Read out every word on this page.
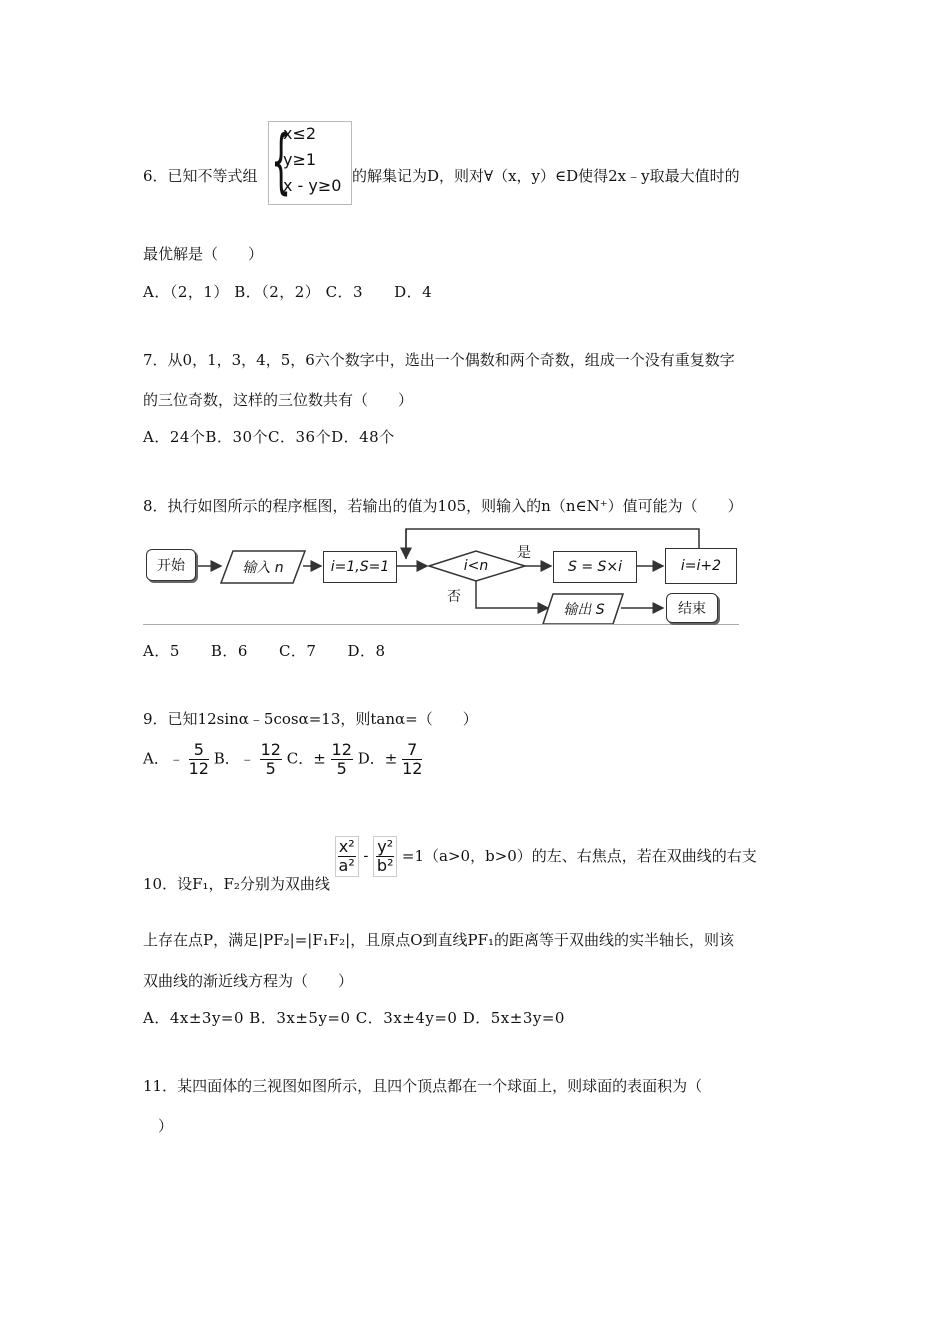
6．已知不等式组 {
x≤2
y≥1
x - y≥0 的解集记为D，则对∀（x，y）∈D使得2x﹣y取最大值时的
最优解是（　　）
A．（2，1） B．（2，2） C．3　　D．4
7．从0，1，3，4，5，6六个数字中，选出一个偶数和两个奇数，组成一个没有重复数字
的三位奇数，这样的三位数共有（　　）
A．24个B．30个C．36个D．48个
8．执行如图所示的程序框图，若输出的值为105，则输入的n（n∈N⁺）值可能为（　　）
开始	输入 n	i=1,S=1	i<n
是
否
S = S×i	i=i+2
输出 S	结束
A．5　　B．6　　C．7　　D．8
9．已知12sinα﹣5cosα=13，则tanα=（　　）
A．﹣ $\frac{5}{12}$ B．﹣ $\frac{12}{5}$ C．± $\frac{12}{5}$ D．± $\frac{7}{12}$
10．设F₁，F₂分别为双曲线
$\frac{\text{x²}}{\text{a²}} - \frac{\text{y²}}{\text{b²}} =1(a>0$，b>0）的左、右焦点，若在双曲线的右支
上存在点P，满足|PF₂|=|F₁F₂|，且原点O到直线PF₁的距离等于双曲线的实半轴长，则该
双曲线的渐近线方程为（　　）
A．4x±3y=0 B．3x±5y=0 C．3x±4y=0 D．5x±3y=0
11．某四面体的三视图如图所示，且四个顶点都在一个球面上，则球面的表面积为（
　）
